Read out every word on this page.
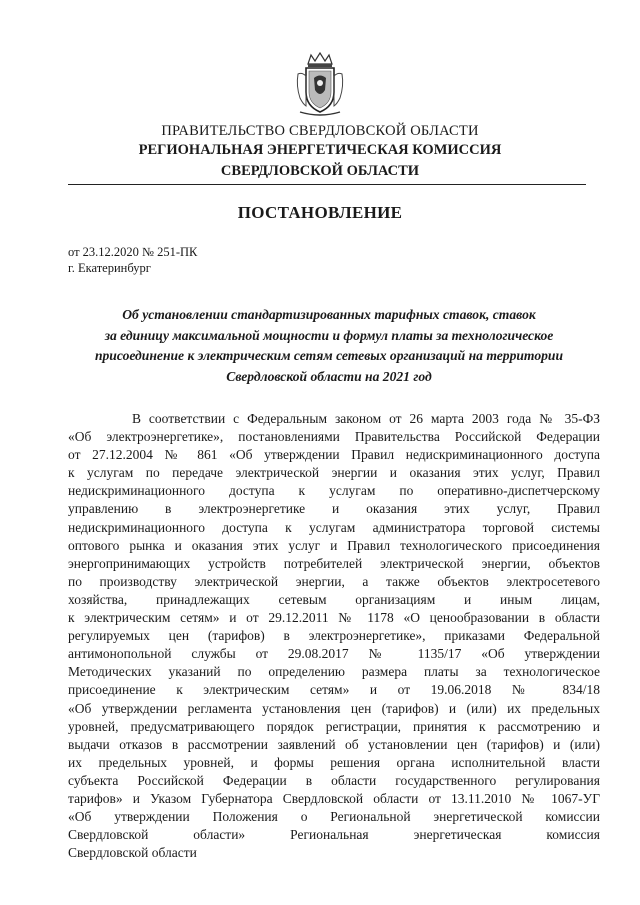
ПРАВИТЕЛЬСТВО СВЕРДЛОВСКОЙ ОБЛАСТИ
РЕГИОНАЛЬНАЯ ЭНЕРГЕТИЧЕСКАЯ КОМИССИЯ
СВЕРДЛОВСКОЙ ОБЛАСТИ
ПОСТАНОВЛЕНИЕ
от 23.12.2020 № 251-ПК
г. Екатеринбург
Об установлении стандартизированных тарифных ставок, ставок
за единицу максимальной мощности и формул платы за технологическое
присоединение к электрическим сетям сетевых организаций на территории
Свердловской области на 2021 год
В соответствии с Федеральным законом от 26 марта 2003 года № 35-ФЗ
«Об электроэнергетике», постановлениями Правительства Российской Федерации
от 27.12.2004 № 861 «Об утверждении Правил недискриминационного доступа
к услугам по передаче электрической энергии и оказания этих услуг, Правил
недискриминационного доступа к услугам по оперативно-диспетчерскому
управлению в электроэнергетике и оказания этих услуг, Правил
недискриминационного доступа к услугам администратора торговой системы
оптового рынка и оказания этих услуг и Правил технологического присоединения
энергопринимающих устройств потребителей электрической энергии, объектов
по производству электрической энергии, а также объектов электросетевого
хозяйства, принадлежащих сетевым организациям и иным лицам,
к электрическим сетям» и от 29.12.2011 № 1178 «О ценообразовании в области
регулируемых цен (тарифов) в электроэнергетике», приказами Федеральной
антимонопольной службы от 29.08.2017 № 1135/17 «Об утверждении
Методических указаний по определению размера платы за технологическое
присоединение к электрическим сетям» и от 19.06.2018 № 834/18
«Об утверждении регламента установления цен (тарифов) и (или) их предельных
уровней, предусматривающего порядок регистрации, принятия к рассмотрению и
выдачи отказов в рассмотрении заявлений об установлении цен (тарифов) и (или)
их предельных уровней, и формы решения органа исполнительной власти
субъекта Российской Федерации в области государственного регулирования
тарифов» и Указом Губернатора Свердловской области от 13.11.2010 № 1067-УГ
«Об утверждении Положения о Региональной энергетической комиссии
Свердловской области» Региональная энергетическая комиссия
Свердловской области
